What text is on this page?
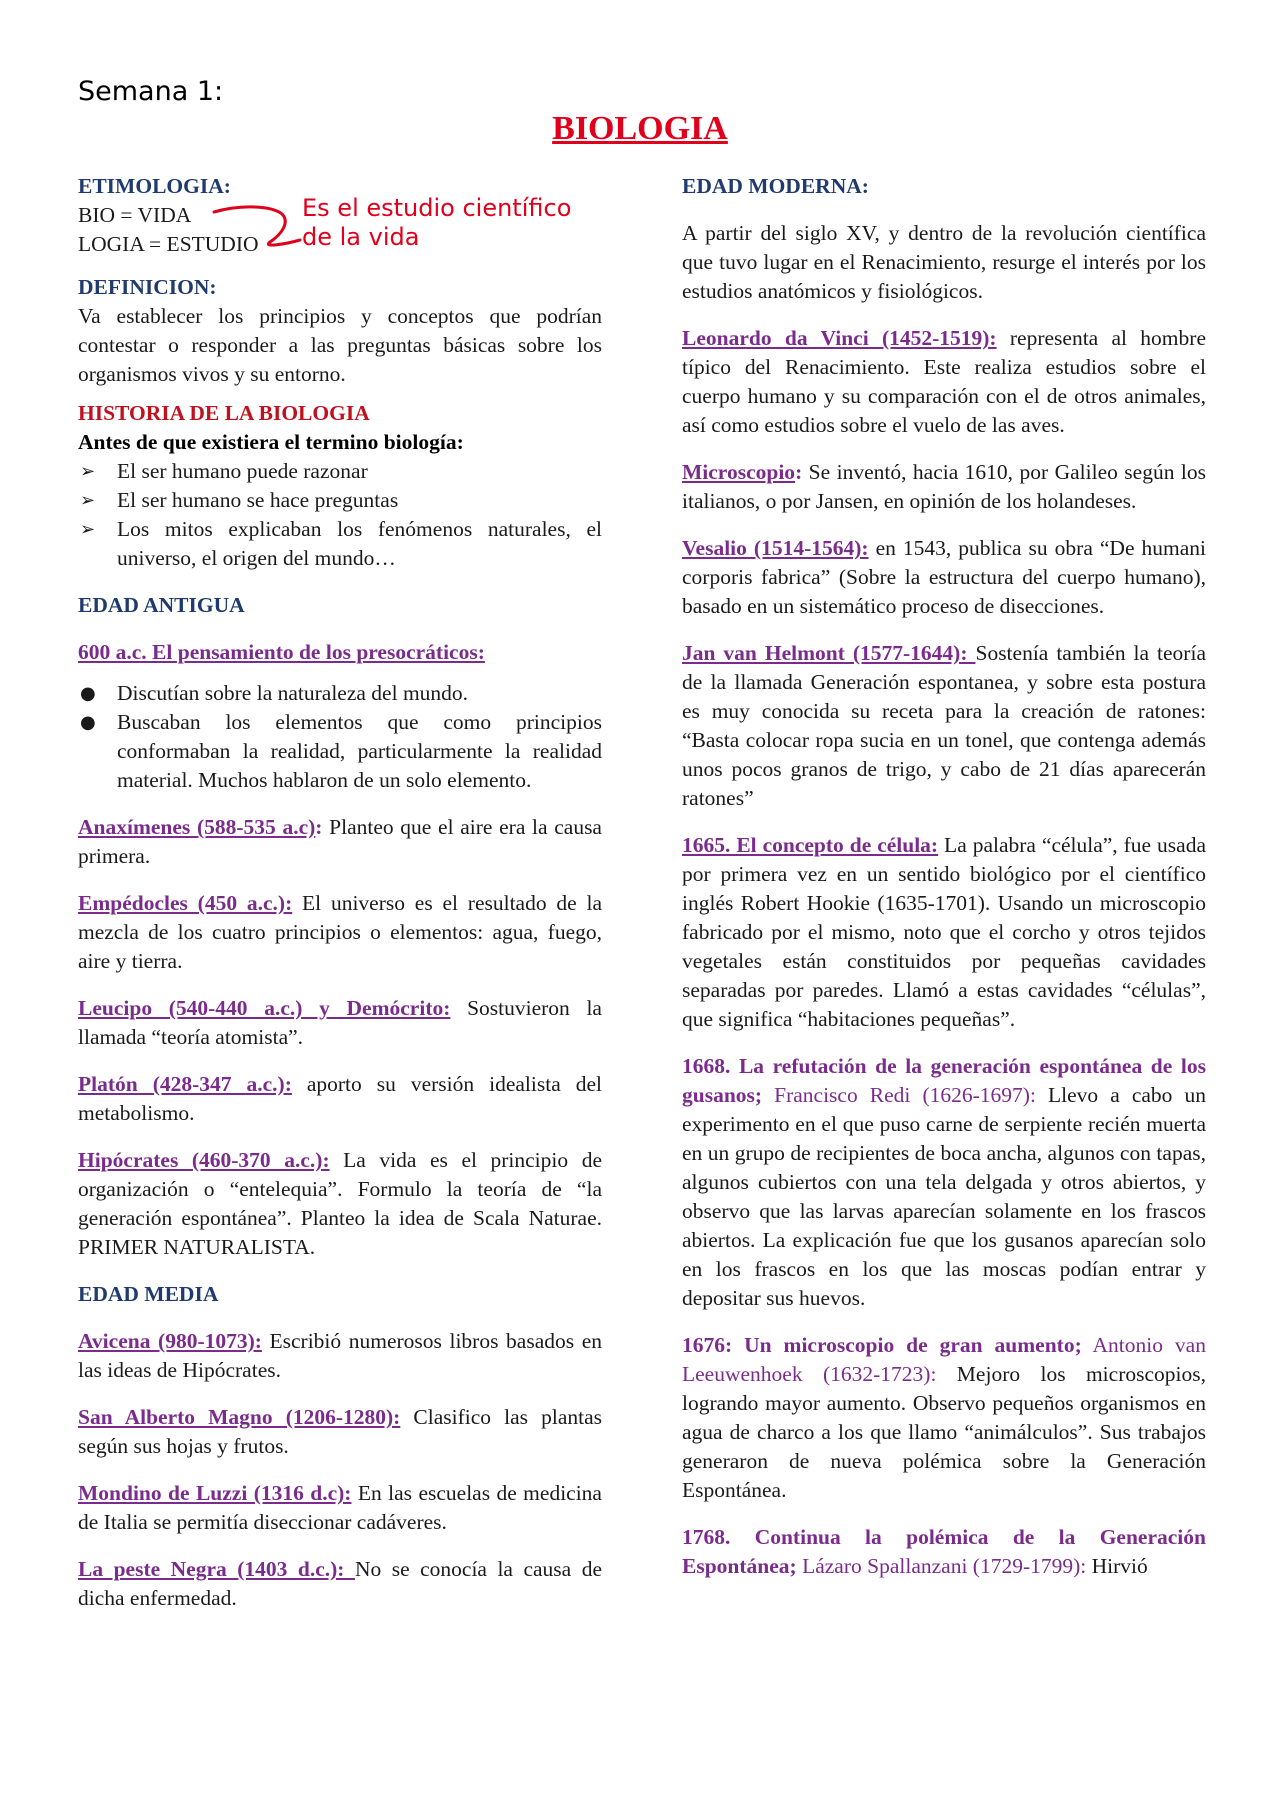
Semana 1:
BIOLOGIA
Es el estudio científico
de la vida
ETIMOLOGIA:
BIO = VIDA
LOGIA = ESTUDIO
DEFINICION:

Va establecer los principios y conceptos que podrían contestar o responder a las preguntas básicas sobre los organismos vivos y su entorno.

HISTORIA DE LA BIOLOGIA
Antes de que existiera el termino biología:
➢ El ser humano puede razonar
➢ El ser humano se hace preguntas
➢ Los mitos explicaban los fenómenos naturales, el universo, el origen del mundo…
EDAD ANTIGUA

600 a.c. El pensamiento de los presocráticos:

● Discutían sobre la naturaleza del mundo.
● Buscaban los elementos que como principios conformaban la realidad, particularmente la realidad material. Muchos hablaron de un solo elemento.

Anaxímenes (588-535 a.c): Planteo que el aire era la causa primera.

Empédocles (450 a.c.): El universo es el resultado de la mezcla de los cuatro principios o elementos: agua, fuego, aire y tierra.

Leucipo (540-440 a.c.) y Demócrito: Sostuvieron la llamada “teoría atomista”.

Platón (428-347 a.c.): aporto su versión idealista del metabolismo.

Hipócrates (460-370 a.c.): La vida es el principio de organización o “entelequia”. Formulo la teoría de “la generación espontánea”. Planteo la idea de Scala Naturae. PRIMER NATURALISTA.

EDAD MEDIA

Avicena (980-1073): Escribió numerosos libros basados en las ideas de Hipócrates.

San Alberto Magno (1206-1280): Clasifico las plantas según sus hojas y frutos.

Mondino de Luzzi (1316 d.c): En las escuelas de medicina de Italia se permitía diseccionar cadáveres.

La peste Negra (1403 d.c.): No se conocía la causa de dicha enfermedad.

EDAD MODERNA:

A partir del siglo XV, y dentro de la revolución científica que tuvo lugar en el Renacimiento, resurge el interés por los estudios anatómicos y fisiológicos.

Leonardo da Vinci (1452-1519): representa al hombre típico del Renacimiento. Este realiza estudios sobre el cuerpo humano y su comparación con el de otros animales, así como estudios sobre el vuelo de las aves.

Microscopio: Se inventó, hacia 1610, por Galileo según los italianos, o por Jansen, en opinión de los holandeses.

Vesalio (1514-1564): en 1543, publica su obra “De humani corporis fabrica” (Sobre la estructura del cuerpo humano), basado en un sistemático proceso de disecciones.

Jan van Helmont (1577-1644): Sostenía también la teoría de la llamada Generación espontanea, y sobre esta postura es muy conocida su receta para la creación de ratones: “Basta colocar ropa sucia en un tonel, que contenga además unos pocos granos de trigo, y cabo de 21 días aparecerán ratones”

1665. El concepto de célula: La palabra “célula”, fue usada por primera vez en un sentido biológico por el científico inglés Robert Hookie (1635-1701). Usando un microscopio fabricado por el mismo, noto que el corcho y otros tejidos vegetales están constituidos por pequeñas cavidades separadas por paredes. Llamó a estas cavidades “células”, que significa “habitaciones pequeñas”.

1668. La refutación de la generación espontánea de los gusanos; Francisco Redi (1626-1697): Llevo a cabo un experimento en el que puso carne de serpiente recién muerta en un grupo de recipientes de boca ancha, algunos con tapas, algunos cubiertos con una tela delgada y otros abiertos, y observo que las larvas aparecían solamente en los frascos abiertos. La explicación fue que los gusanos aparecían solo en los frascos en los que las moscas podían entrar y depositar sus huevos.

1676: Un microscopio de gran aumento; Antonio van Leeuwenhoek (1632-1723): Mejoro los microscopios, logrando mayor aumento. Observo pequeños organismos en agua de charco a los que llamo “animálculos”. Sus trabajos generaron de nueva polémica sobre la Generación Espontánea.

1768. Continua la polémica de la Generación Espontánea; Lázaro Spallanzani (1729-1799): Hirvió
